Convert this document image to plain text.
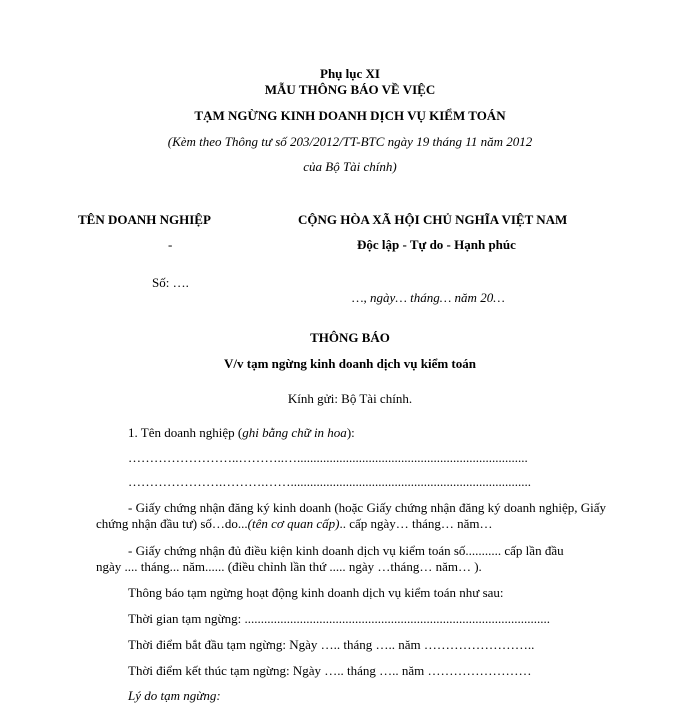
Phụ lục XI
MẪU THÔNG BÁO VỀ VIỆC
TẠM NGỪNG KINH DOANH DỊCH VỤ KIỂM TOÁN
(Kèm theo Thông tư số 203/2012/TT-BTC ngày 19 tháng 11 năm 2012
của Bộ Tài chính)
TÊN DOANH NGHIỆP
-
Số: ….
CỘNG HÒA XÃ HỘI CHỦ NGHĨA VIỆT NAM
Độc lập - Tự do - Hạnh phúc
…, ngày… tháng… năm 20…
THÔNG BÁO
V/v tạm ngừng kinh doanh dịch vụ kiểm toán
Kính gửi: Bộ Tài chính.
1. Tên doanh nghiệp (ghi bằng chữ in hoa):
……………………..………..….......................................................................
………………….……….……..........................................................................
- Giấy chứng nhận đăng ký kinh doanh (hoặc Giấy chứng nhận đăng ký doanh nghiệp, Giấy
chứng nhận đầu tư) số…do...(tên cơ quan cấp).. cấp ngày… tháng… năm…
- Giấy chứng nhận đủ điều kiện kinh doanh dịch vụ kiểm toán số........... cấp lần đầu
ngày .... tháng... năm...... (điều chỉnh lần thứ ..... ngày …tháng… năm… ).
Thông báo tạm ngừng hoạt động kinh doanh dịch vụ kiểm toán như sau:
Thời gian tạm ngừng: ..............................................................................................
Thời điểm bắt đầu tạm ngừng: Ngày ….. tháng ….. năm ……………………..
Thời điểm kết thúc tạm ngừng: Ngày ….. tháng ….. năm ……………………
Lý do tạm ngừng:
